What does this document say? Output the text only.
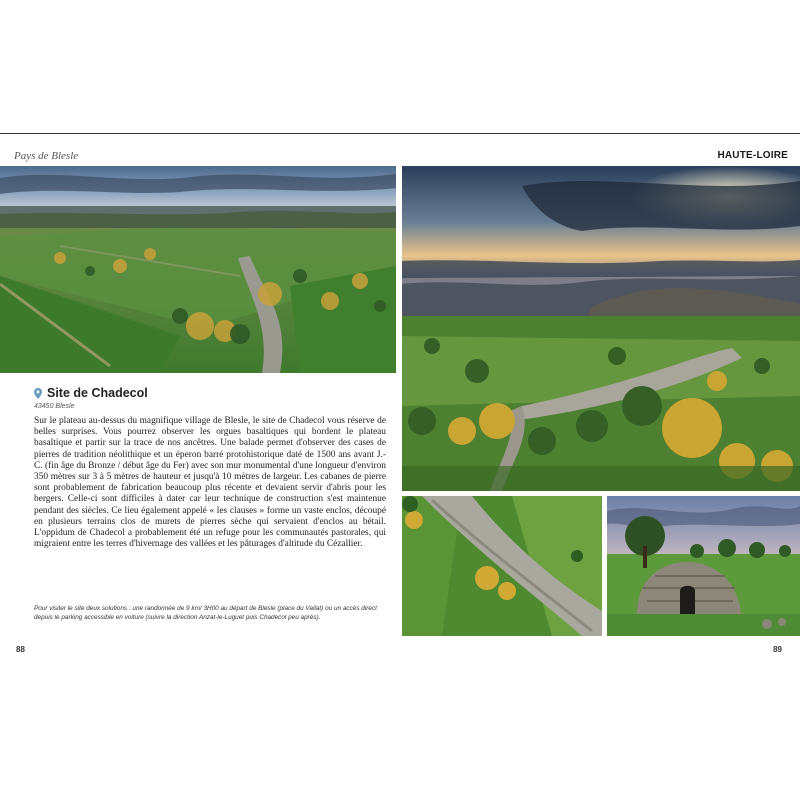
Pays de Blesle	HAUTE-LOIRE
Site de Chadecol
43450 Blesle

Sur le plateau au-dessus du magnifique village de Blesle, le site de Chadecol vous réserve de belles surprises. Vous pourrez observer les orgues basaltiques qui bordent le plateau basaltique et partir sur la trace de nos ancêtres. Une balade permet d'observer des cases de pierres de tradition néolithique et un éperon barré protohistorique daté de 1500 ans avant J.-C. (fin âge du Bronze / début âge du Fer) avec son mur monumental d'une longueur d'environ 350 mètres sur 3 à 5 mètres de hauteur et jusqu'à 10 mètres de largeur. Les cabanes de pierre sont probablement de fabrication beaucoup plus récente et devaient servir d'abris pour les bergers. Celle-ci sont difficiles à dater car leur technique de construction s'est maintenue pendant des siècles. Ce lieu également appelé « les clauses » forme un vaste enclos, découpé en plusieurs terrains clos de murets de pierres sèche qui servaient d'enclos au bétail. L'oppidum de Chadecol a probablement été un refuge pour les communautés pastorales, qui migraient entre les terres d'hivernage des vallées et les pâturages d'altitude du Cézallier.

Pour visiter le site deux solutions : une randonnée de 9 km/ 3H00 au départ de Blesle (place du Vallat) ou un accès direct depuis le parking accessible en voiture (suivre la direction Anzat-le-Luguet puis Chadecol peu après).

88	89
